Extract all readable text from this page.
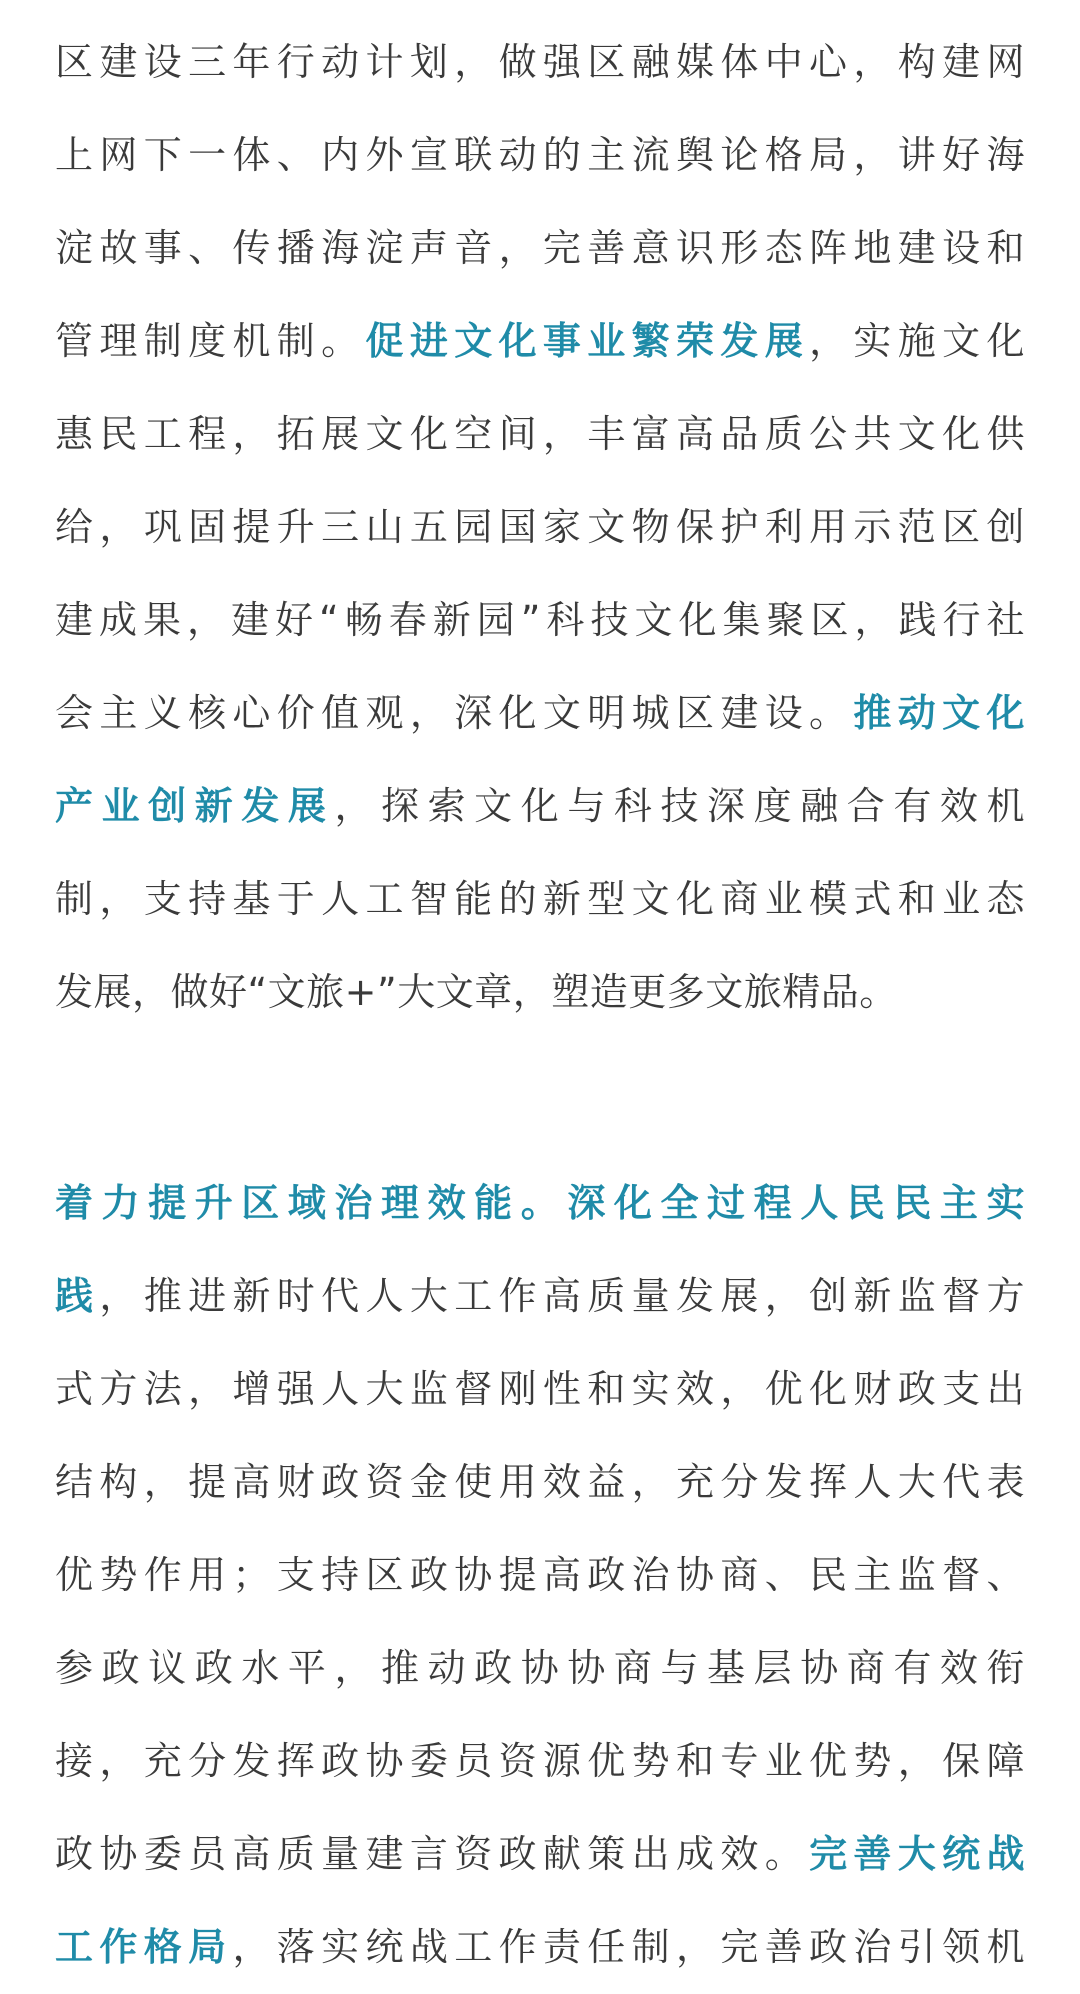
区建设三年行动计划，做强区融媒体中心，构建网
上网下一体、内外宣联动的主流舆论格局，讲好海
淀故事、传播海淀声音，完善意识形态阵地建设和
管理制度机制。促进文化事业繁荣发展，实施文化
惠民工程，拓展文化空间，丰富高品质公共文化供
给，巩固提升三山五园国家文物保护利用示范区创
建成果，建好“畅春新园”科技文化集聚区，践行社
会主义核心价值观，深化文明城区建设。推动文化
产业创新发展，探索文化与科技深度融合有效机
制，支持基于人工智能的新型文化商业模式和业态
发展，做好“文旅+”大文章，塑造更多文旅精品。
着力提升区域治理效能。深化全过程人民民主实
践，推进新时代人大工作高质量发展，创新监督方
式方法，增强人大监督刚性和实效，优化财政支出
结构，提高财政资金使用效益，充分发挥人大代表
优势作用；支持区政协提高政治协商、民主监督、
参政议政水平，推动政协协商与基层协商有效衔
接，充分发挥政协委员资源优势和专业优势，保障
政协委员高质量建言资政献策出成效。完善大统战
工作格局，落实统战工作责任制，完善政治引领机
